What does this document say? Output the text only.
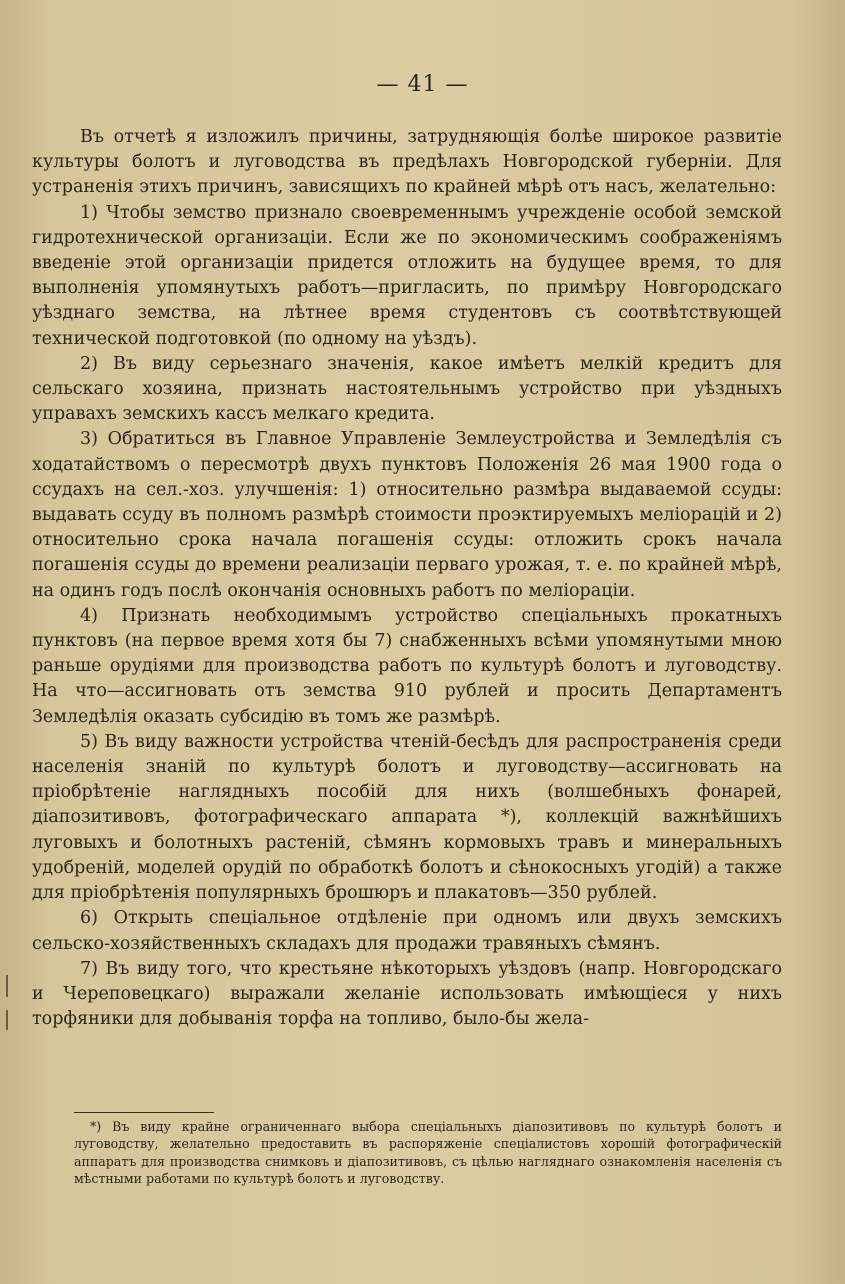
— 41 —

Въ отчетѣ я изложилъ причины, затрудняющія болѣе широкое развитіе культуры болотъ и луговодства въ предѣлахъ Новгородской губерніи. Для устраненія этихъ причинъ, зависящихъ по крайней мѣрѣ отъ насъ, желательно:

1) Чтобы земство признало своевременнымъ учрежденіе особой земской гидротехнической организаціи. Если же по экономическимъ соображеніямъ введеніе этой организаціи придется отложить на будущее время, то для выполненія упомянутыхъ работъ—пригласить, по примѣру Новгородскаго уѣзднаго земства, на лѣтнее время студентовъ съ соотвѣтствующей технической подготовкой (по одному на уѣздъ).

2) Въ виду серьезнаго значенія, какое имѣетъ мелкій кредитъ для сельскаго хозяина, признать настоятельнымъ устройство при уѣздныхъ управахъ земскихъ кассъ мелкаго кредита.

3) Обратиться въ Главное Управленіе Землеустройства и Земледѣлія съ ходатайствомъ о пересмотрѣ двухъ пунктовъ Положенія 26 мая 1900 года о ссудахъ на сел.-хоз. улучшенія: 1) относительно размѣра выдаваемой ссуды: выдавать ссуду въ полномъ размѣрѣ стоимости проэктируемыхъ меліорацій и 2) относительно срока начала погашенія ссуды: отложить срокъ начала погашенія ссуды до времени реализаціи перваго урожая, т. е. по крайней мѣрѣ, на одинъ годъ послѣ окончанія основныхъ работъ по меліораціи.

4) Признать необходимымъ устройство спеціальныхъ прокатныхъ пунктовъ (на первое время хотя бы 7) снабженныхъ всѣми упомянутыми мною раньше орудіями для производства работъ по культурѣ болотъ и луговодству. На что—ассигновать отъ земства 910 рублей и просить Департаментъ Земледѣлія оказать субсидію въ томъ же размѣрѣ.

5) Въ виду важности устройства чтеній-бесѣдъ для распространенія среди населенія знаній по культурѣ болотъ и луговодству—ассигновать на пріобрѣтеніе наглядныхъ пособій для нихъ (волшебныхъ фонарей, діапозитивовъ, фотографическаго аппарата *), коллекцій важнѣйшихъ луговыхъ и болотныхъ растеній, сѣмянъ кормовыхъ травъ и минеральныхъ удобреній, моделей орудій по обработкѣ болотъ и сѣнокосныхъ угодій) а также для пріобрѣтенія популярныхъ брошюръ и плакатовъ—350 рублей.

6) Открыть спеціальное отдѣленіе при одномъ или двухъ земскихъ сельско-хозяйственныхъ складахъ для продажи травяныхъ сѣмянъ.

7) Въ виду того, что крестьяне нѣкоторыхъ уѣздовъ (напр. Новгородскаго и Череповецкаго) выражали желаніе использовать имѣющіеся у нихъ торфяники для добыванія торфа на топливо, было-бы жела-

*) Въ виду крайне ограниченнаго выбора спеціальныхъ діапозитивовъ по культурѣ болотъ и луговодству, желательно предоставить въ распоряженіе спеціалистовъ хорошій фотографическій аппаратъ для производства снимковъ и діапозитивовъ, съ цѣлью нагляднаго ознакомленія населенія съ мѣстными работами по культурѣ болотъ и луговодству.
